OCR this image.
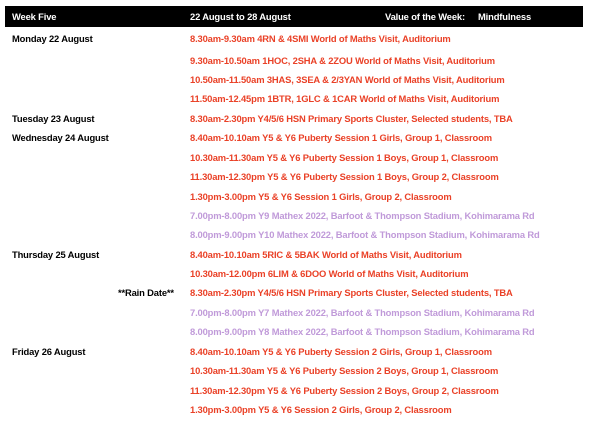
Week Five	22 August to 28 August	Value of the Week: Mindfulness
Monday 22 August	8.30am-9.30am 4RN & 4SMI World of Maths Visit, Auditorium
9.30am-10.50am 1HOC, 2SHA & 2ZOU World of Maths Visit, Auditorium
10.50am-11.50am 3HAS, 3SEA & 2/3YAN World of Maths Visit, Auditorium
11.50am-12.45pm 1BTR, 1GLC & 1CAR World of Maths Visit, Auditorium
Tuesday 23 August	8.30am-2.30pm Y4/5/6 HSN Primary Sports Cluster, Selected students, TBA
Wednesday 24 August	8.40am-10.10am Y5 & Y6 Puberty Session 1 Girls, Group 1, Classroom
10.30am-11.30am Y5 & Y6 Puberty Session 1 Boys, Group 1, Classroom
11.30am-12.30pm Y5 & Y6 Puberty Session 1 Boys, Group 2, Classroom
1.30pm-3.00pm Y5 & Y6 Session 1 Girls, Group 2, Classroom
7.00pm-8.00pm Y9 Mathex 2022, Barfoot & Thompson Stadium, Kohimarama Rd
8.00pm-9.00pm Y10 Mathex 2022, Barfoot & Thompson Stadium, Kohimarama Rd
Thursday 25 August	8.40am-10.10am 5RIC & 5BAK World of Maths Visit, Auditorium
10.30am-12.00pm 6LIM & 6DOO World of Maths Visit, Auditorium
**Rain Date** 8.30am-2.30pm Y4/5/6 HSN Primary Sports Cluster, Selected students, TBA
7.00pm-8.00pm Y7 Mathex 2022, Barfoot & Thompson Stadium, Kohimarama Rd
8.00pm-9.00pm Y8 Mathex 2022, Barfoot & Thompson Stadium, Kohimarama Rd
Friday 26 August	8.40am-10.10am Y5 & Y6 Puberty Session 2 Girls, Group 1, Classroom
10.30am-11.30am Y5 & Y6 Puberty Session 2 Boys, Group 1, Classroom
11.30am-12.30pm Y5 & Y6 Puberty Session 2 Boys, Group 2, Classroom
1.30pm-3.00pm Y5 & Y6 Session 2 Girls, Group 2, Classroom
